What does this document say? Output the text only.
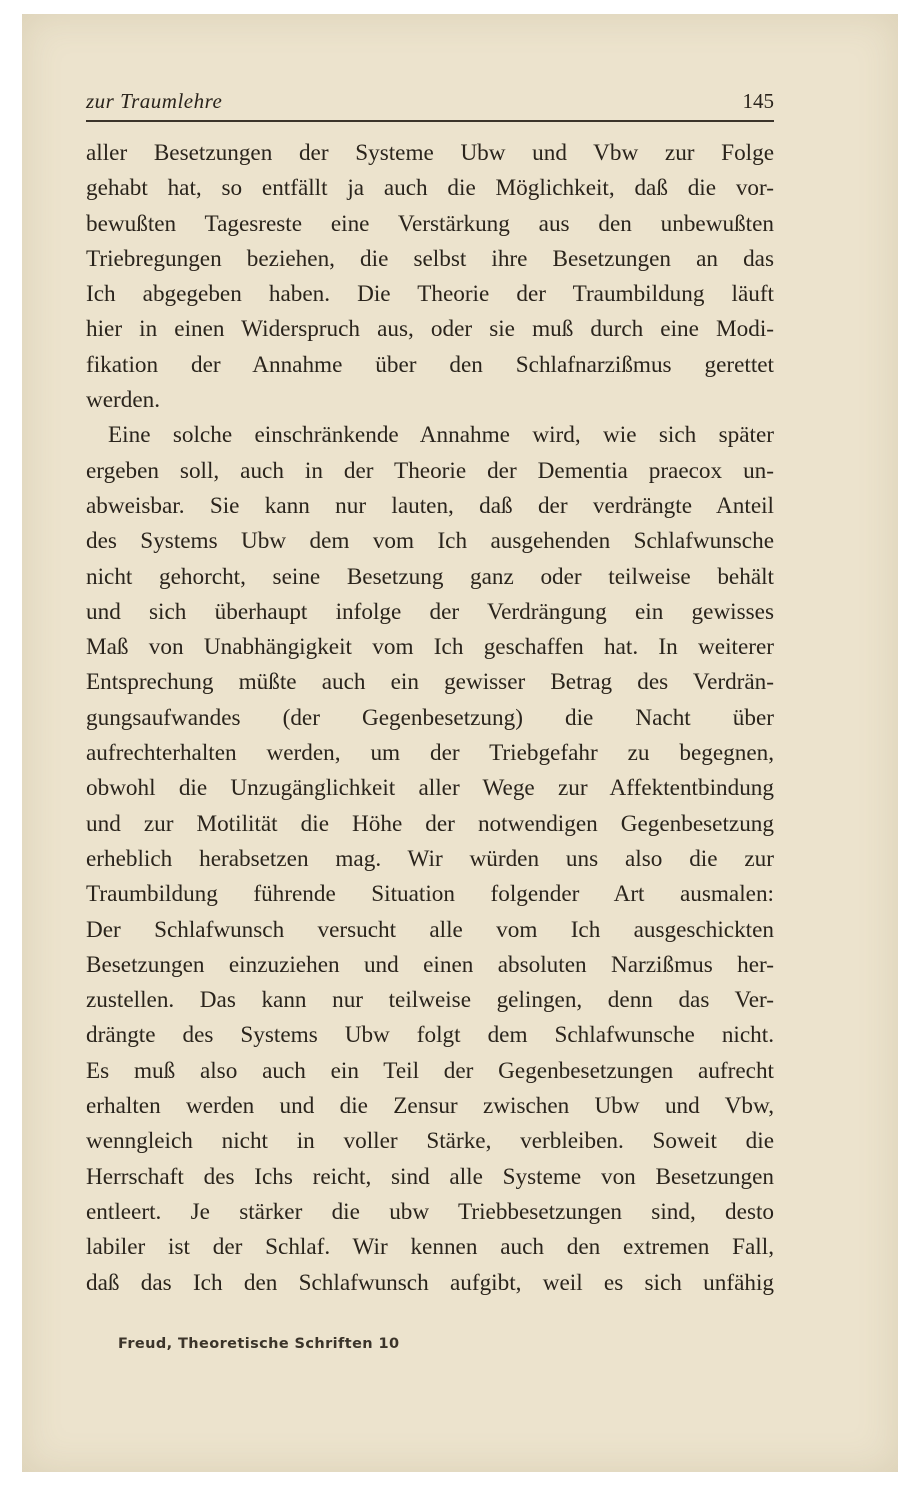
zur Traumlehre	145
aller Besetzungen der Systeme Ubw und Vbw zur Folge
gehabt hat, so entfällt ja auch die Möglichkeit, daß die vor-
bewußten Tagesreste eine Verstärkung aus den unbewußten
Triebregungen beziehen, die selbst ihre Besetzungen an das
Ich abgegeben haben. Die Theorie der Traumbildung läuft
hier in einen Widerspruch aus, oder sie muß durch eine Modi-
fikation der Annahme über den Schlafnarzißmus gerettet
werden.
Eine solche einschränkende Annahme wird, wie sich später
ergeben soll, auch in der Theorie der Dementia praecox un-
abweisbar. Sie kann nur lauten, daß der verdrängte Anteil
des Systems Ubw dem vom Ich ausgehenden Schlafwunsche
nicht gehorcht, seine Besetzung ganz oder teilweise behält
und sich überhaupt infolge der Verdrängung ein gewisses
Maß von Unabhängigkeit vom Ich geschaffen hat. In weiterer
Entsprechung müßte auch ein gewisser Betrag des Verdrän-
gungsaufwandes (der Gegenbesetzung) die Nacht über
aufrechterhalten werden, um der Triebgefahr zu begegnen,
obwohl die Unzugänglichkeit aller Wege zur Affektentbindung
und zur Motilität die Höhe der notwendigen Gegenbesetzung
erheblich herabsetzen mag. Wir würden uns also die zur
Traumbildung führende Situation folgender Art ausmalen:
Der Schlafwunsch versucht alle vom Ich ausgeschickten
Besetzungen einzuziehen und einen absoluten Narzißmus her-
zustellen. Das kann nur teilweise gelingen, denn das Ver-
drängte des Systems Ubw folgt dem Schlafwunsche nicht.
Es muß also auch ein Teil der Gegenbesetzungen aufrecht
erhalten werden und die Zensur zwischen Ubw und Vbw,
wenngleich nicht in voller Stärke, verbleiben. Soweit die
Herrschaft des Ichs reicht, sind alle Systeme von Besetzungen
entleert. Je stärker die ubw Triebbesetzungen sind, desto
labiler ist der Schlaf. Wir kennen auch den extremen Fall,
daß das Ich den Schlafwunsch aufgibt, weil es sich unfähig
Freud, Theoretische Schriften 10
